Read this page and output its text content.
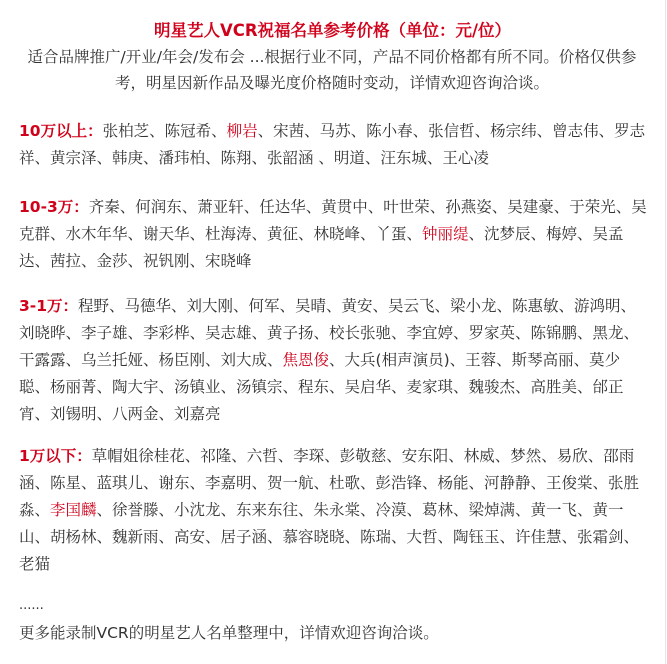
明星艺人VCR祝福名单参考价格（单位：元/位）
适合品牌推广/开业/年会/发布会 ...根据行业不同，产品不同价格都有所不同。价格仅供参考，明星因新作品及曝光度价格随时变动，详情欢迎咨询洽谈。
10万以上：张柏芝、陈冠希、柳岩、宋茜、马苏、陈小春、张信哲、杨宗纬、曾志伟、罗志祥、黄宗泽、韩庚、潘玮柏、陈翔、张韶涵 、明道、汪东城、王心凌
10-3万：齐秦、何润东、萧亚轩、任达华、黄贯中、叶世荣、孙燕姿、吴建豪、于荣光、吴克群、水木年华、谢天华、杜海涛、黄征、林晓峰、丫蛋、钟丽缇、沈梦辰、梅婷、吴孟达、茜拉、金莎、祝钒刚、宋晓峰
3-1万：程野、马德华、刘大刚、何军、吴晴、黄安、吴云飞、梁小龙、陈惠敏、游鸿明、刘晓晔、李子雄、李彩桦、吴志雄、黄子扬、校长张驰、李宜婷、罗家英、陈锦鹏、黑龙、干露露、乌兰托娅、杨臣刚、刘大成、焦恩俊、大兵(相声演员)、王蓉、斯琴高丽、莫少聪、杨丽菁、陶大宇、汤镇业、汤镇宗、程东、吴启华、麦家琪、魏骏杰、高胜美、邰正宵、刘锡明、八两金、刘嘉亮
1万以下：草帽姐徐桂花、祁隆、六哲、李琛、彭敬慈、安东阳、林威、梦然、易欣、邵雨涵、陈星、蓝琪儿、谢东、李嘉明、贺一航、杜歌、彭浩锋、杨能、河静静、王俊棠、张胜淼、李国麟、徐誉滕、小沈龙、东来东往、朱永棠、冷漠、葛林、梁焯满、黄一飞、黄一山、胡杨林、魏新雨、高安、居子涵、慕容晓晓、陈瑞、大哲、陶钰玉、许佳慧、张霜剑、老猫
......
更多能录制VCR的明星艺人名单整理中，详情欢迎咨询洽谈。
